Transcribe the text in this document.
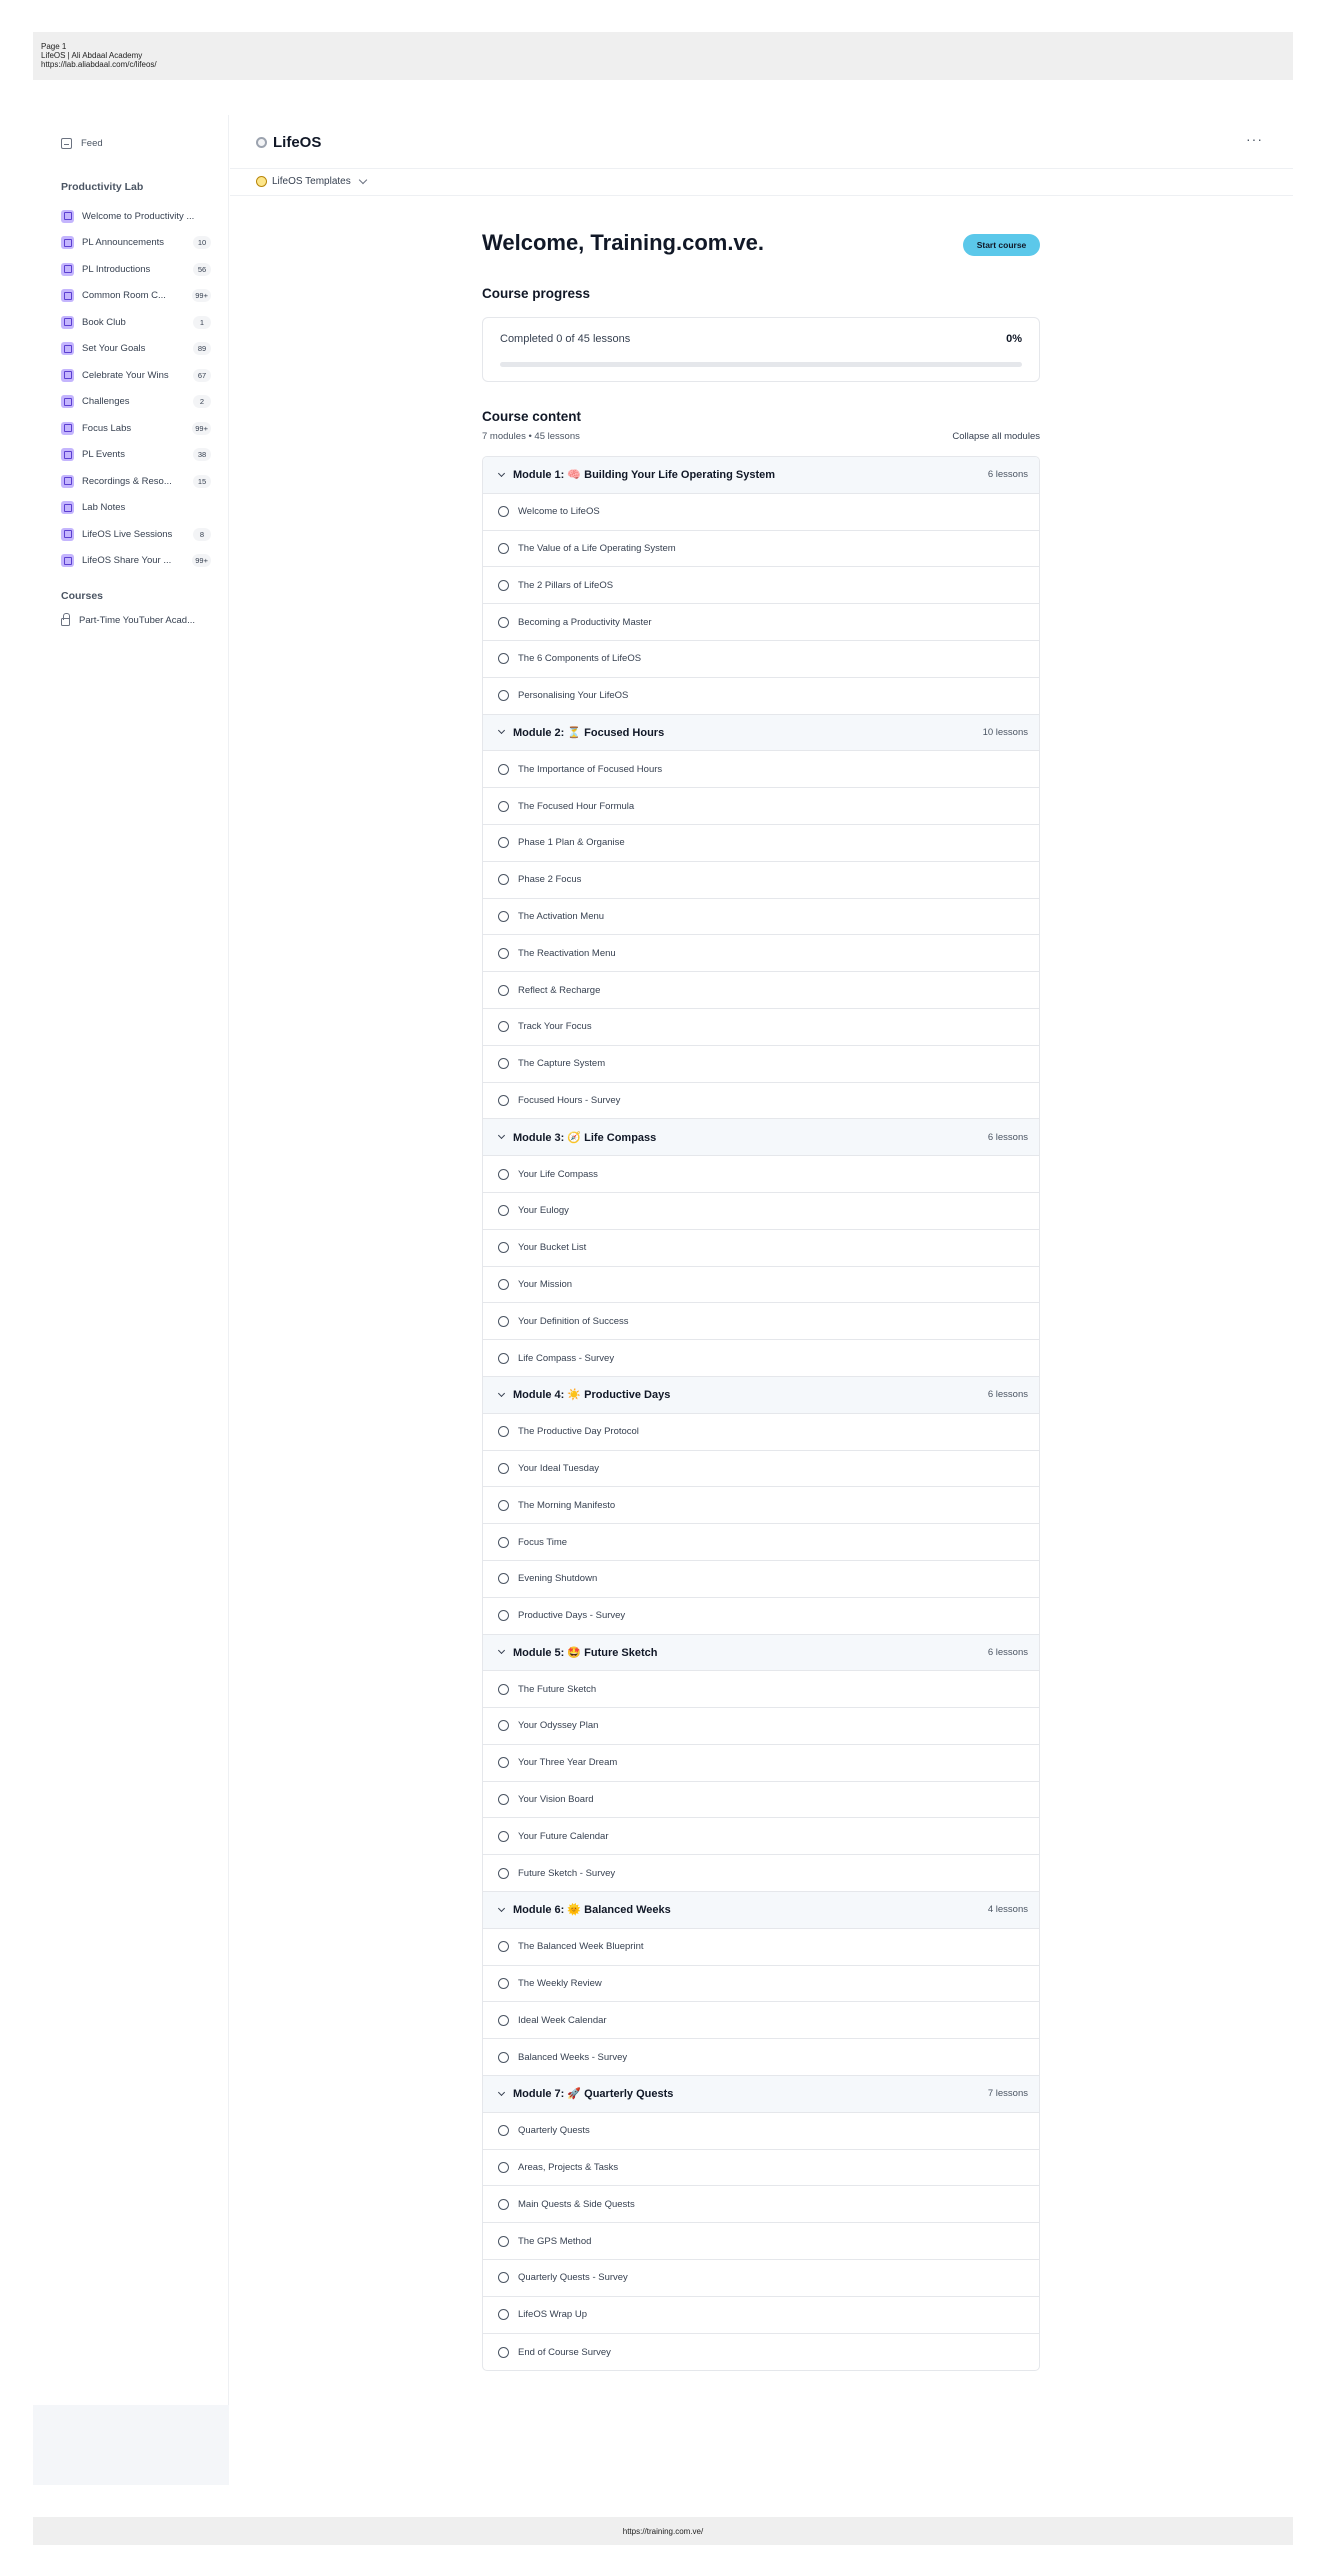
Page 1
LifeOS | Ali Abdaal Academy
https://lab.aliabdaal.com/c/lifeos/
Feed
Productivity Lab
Welcome to Productivity ...
PL Announcements	10
PL Introductions	56
Common Room C...	99+
Book Club	1
Set Your Goals	89
Celebrate Your Wins	67
Challenges	2
Focus Labs	99+
PL Events	38
Recordings & Reso...	15
Lab Notes
LifeOS Live Sessions	8
LifeOS Share Your ...	99+
Courses
Part-Time YouTuber Acad...
LifeOS	···
LifeOS Templates
Welcome, Training.com.ve.	Start course
Course progress
Completed 0 of 45 lessons	0%
Course content
7 modules • 45 lessons	Collapse all modules
Module 1: 🧠 Building Your Life Operating System	6 lessons
Welcome to LifeOS
The Value of a Life Operating System
The 2 Pillars of LifeOS
Becoming a Productivity Master
The 6 Components of LifeOS
Personalising Your LifeOS
Module 2: ⏳ Focused Hours	10 lessons
The Importance of Focused Hours
The Focused Hour Formula
Phase 1 Plan & Organise
Phase 2 Focus
The Activation Menu
The Reactivation Menu
Reflect & Recharge
Track Your Focus
The Capture System
Focused Hours - Survey
Module 3: 🧭 Life Compass	6 lessons
Your Life Compass
Your Eulogy
Your Bucket List
Your Mission
Your Definition of Success
Life Compass - Survey
Module 4: ☀️ Productive Days	6 lessons
The Productive Day Protocol
Your Ideal Tuesday
The Morning Manifesto
Focus Time
Evening Shutdown
Productive Days - Survey
Module 5: 🤩 Future Sketch	6 lessons
The Future Sketch
Your Odyssey Plan
Your Three Year Dream
Your Vision Board
Your Future Calendar
Future Sketch - Survey
Module 6: 🌞 Balanced Weeks	4 lessons
The Balanced Week Blueprint
The Weekly Review
Ideal Week Calendar
Balanced Weeks - Survey
Module 7: 🚀 Quarterly Quests	7 lessons
Quarterly Quests
Areas, Projects & Tasks
Main Quests & Side Quests
The GPS Method
Quarterly Quests - Survey
LifeOS Wrap Up
End of Course Survey
https://training.com.ve/
